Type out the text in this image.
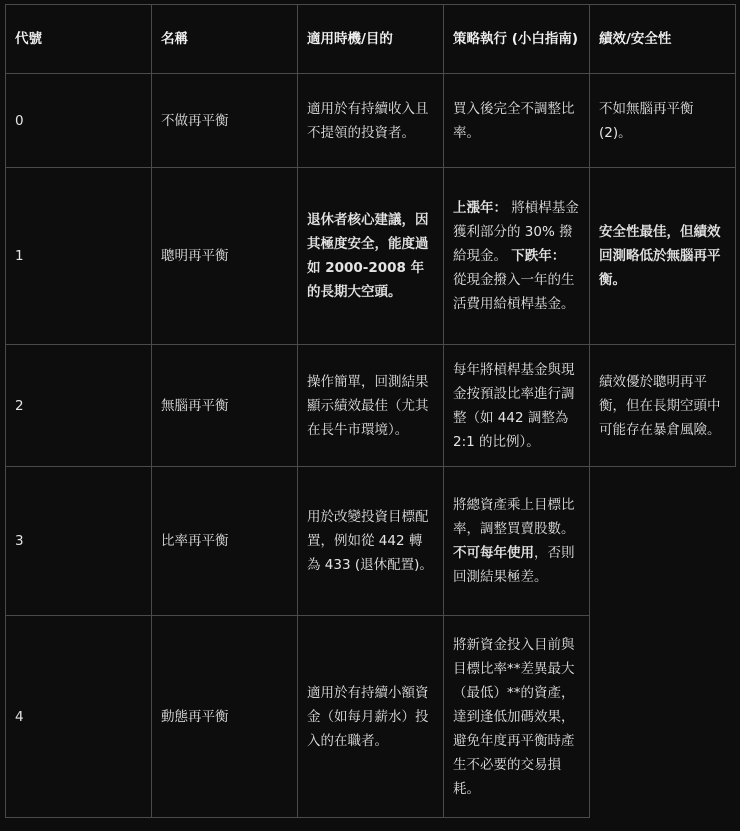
代號	名稱	適用時機/目的	策略執行 (小白指南)	績效/安全性
0	不做再平衡	適用於有持續收入且不提領的投資者。	買入後完全不調整比率。	不如無腦再平衡(2)。
1	聰明再平衡	退休者核心建議，因其極度安全，能度過如 2000-2008 年的長期大空頭。	上漲年： 將槓桿基金獲利部分的 30% 撥給現金。 下跌年： 從現金撥入一年的生活費用給槓桿基金。	安全性最佳，但績效回測略低於無腦再平衡。
2	無腦再平衡	操作簡單，回測結果顯示績效最佳（尤其在長牛市環境）。	每年將槓桿基金與現金按預設比率進行調整（如 442 調整為 2:1 的比例）。	績效優於聰明再平衡，但在長期空頭中可能存在暴倉風險。
3	比率再平衡	用於改變投資目標配置，例如從 442 轉為 433 (退休配置)。	將總資產乘上目標比率，調整買賣股數。不可每年使用，否則回測結果極差。	
4	動態再平衡	適用於有持續小額資金（如每月薪水）投入的在職者。	將新資金投入目前與目標比率**差異最大（最低）**的資產，達到逢低加碼效果，避免年度再平衡時產生不必要的交易損耗。	
